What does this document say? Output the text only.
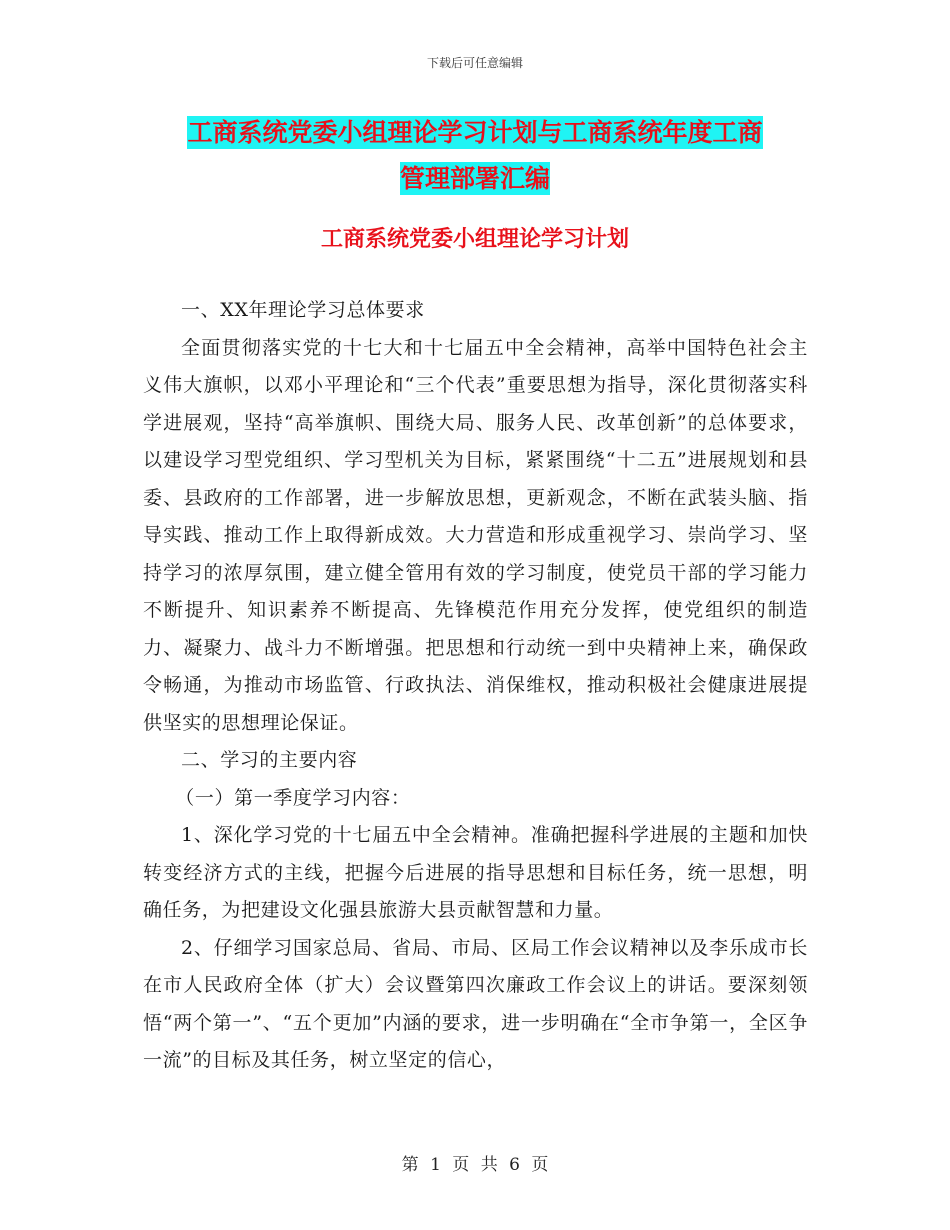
下载后可任意编辑
工商系统党委小组理论学习计划与工商系统年度工商
管理部署汇编
工商系统党委小组理论学习计划

一、XX年理论学习总体要求

全面贯彻落实党的十七大和十七届五中全会精神，高举中国特色社会主义伟大旗帜，以邓小平理论和“三个代表”重要思想为指导，深化贯彻落实科学进展观，坚持“高举旗帜、围绕大局、服务人民、改革创新”的总体要求，以建设学习型党组织、学习型机关为目标，紧紧围绕“十二五”进展规划和县委、县政府的工作部署，进一步解放思想，更新观念，不断在武装头脑、指导实践、推动工作上取得新成效。大力营造和形成重视学习、崇尚学习、坚持学习的浓厚氛围，建立健全管用有效的学习制度，使党员干部的学习能力不断提升、知识素养不断提高、先锋模范作用充分发挥，使党组织的制造力、凝聚力、战斗力不断增强。把思想和行动统一到中央精神上来，确保政令畅通，为推动市场监管、行政执法、消保维权，推动积极社会健康进展提供坚实的思想理论保证。

二、学习的主要内容

（一）第一季度学习内容：

1、深化学习党的十七届五中全会精神。准确把握科学进展的主题和加快转变经济方式的主线，把握今后进展的指导思想和目标任务，统一思想，明确任务，为把建设文化强县旅游大县贡献智慧和力量。

2、仔细学习国家总局、省局、市局、区局工作会议精神以及李乐成市长在市人民政府全体（扩大）会议暨第四次廉政工作会议上的讲话。要深刻领悟“两个第一”、“五个更加”内涵的要求，进一步明确在“全市争第一，全区争一流”的目标及其任务，树立坚定的信心，

第 1 页 共 6 页
